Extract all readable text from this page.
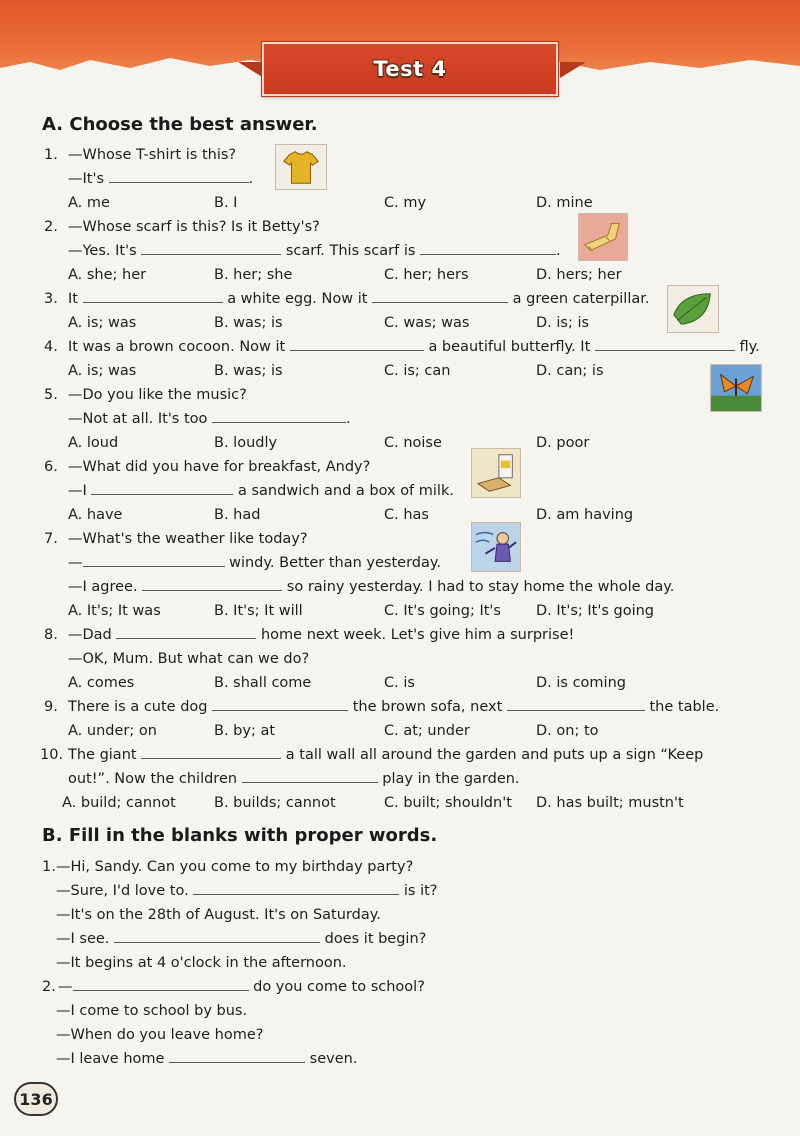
Test 4
A. Choose the best answer.
1. —Whose T-shirt is this?
—It's	.
A. me	B. I	C. my	D. mine
2. —Whose scarf is this? Is it Betty's?
—Yes. It's	scarf. This scarf is	.
A. she; her	B. her; she	C. her; hers	D. hers; her
3. It	a white egg. Now it	a green caterpillar.
A. is; was	B. was; is	C. was; was	D. is; is
4. It was a brown cocoon. Now it	a beautiful butterfly. It	fly.
A. is; was	B. was; is	C. is; can	D. can; is
5. —Do you like the music?
—Not at all. It's too	.
A. loud	B. loudly	C. noise	D. poor
6. —What did you have for breakfast, Andy?
—I	a sandwich and a box of milk.
A. have	B. had	C. has	D. am having
7. —What's the weather like today?
—	windy. Better than yesterday.
—I agree.	so rainy yesterday. I had to stay home the whole day.
A. It's; It was	B. It's; It will	C. It's going; It's D. It's; It's going
8. —Dad	home next week. Let's give him a surprise!
—OK, Mum. But what can we do?
A. comes	B. shall come	C. is	D. is coming
9. There is a cute dog	the brown sofa, next	the table.
A. under; on	B. by; at	C. at; under	D. on; to
10. The giant	a tall wall all around the garden and puts up a sign “Keep
out!”. Now the children	play in the garden.
A. build; cannot	B. builds; cannot	C. built; shouldn't D. has built; mustn't
B. Fill in the blanks with proper words.
1. —Hi, Sandy. Can you come to my birthday party?
—Sure, I'd love to.	is it?
—It's on the 28th of August. It's on Saturday.
—I see.	does it begin?
—It begins at 4 o'clock in the afternoon.
2. —	do you come to school?
—I come to school by bus.
—When do you leave home?
—I leave home	seven.
136
